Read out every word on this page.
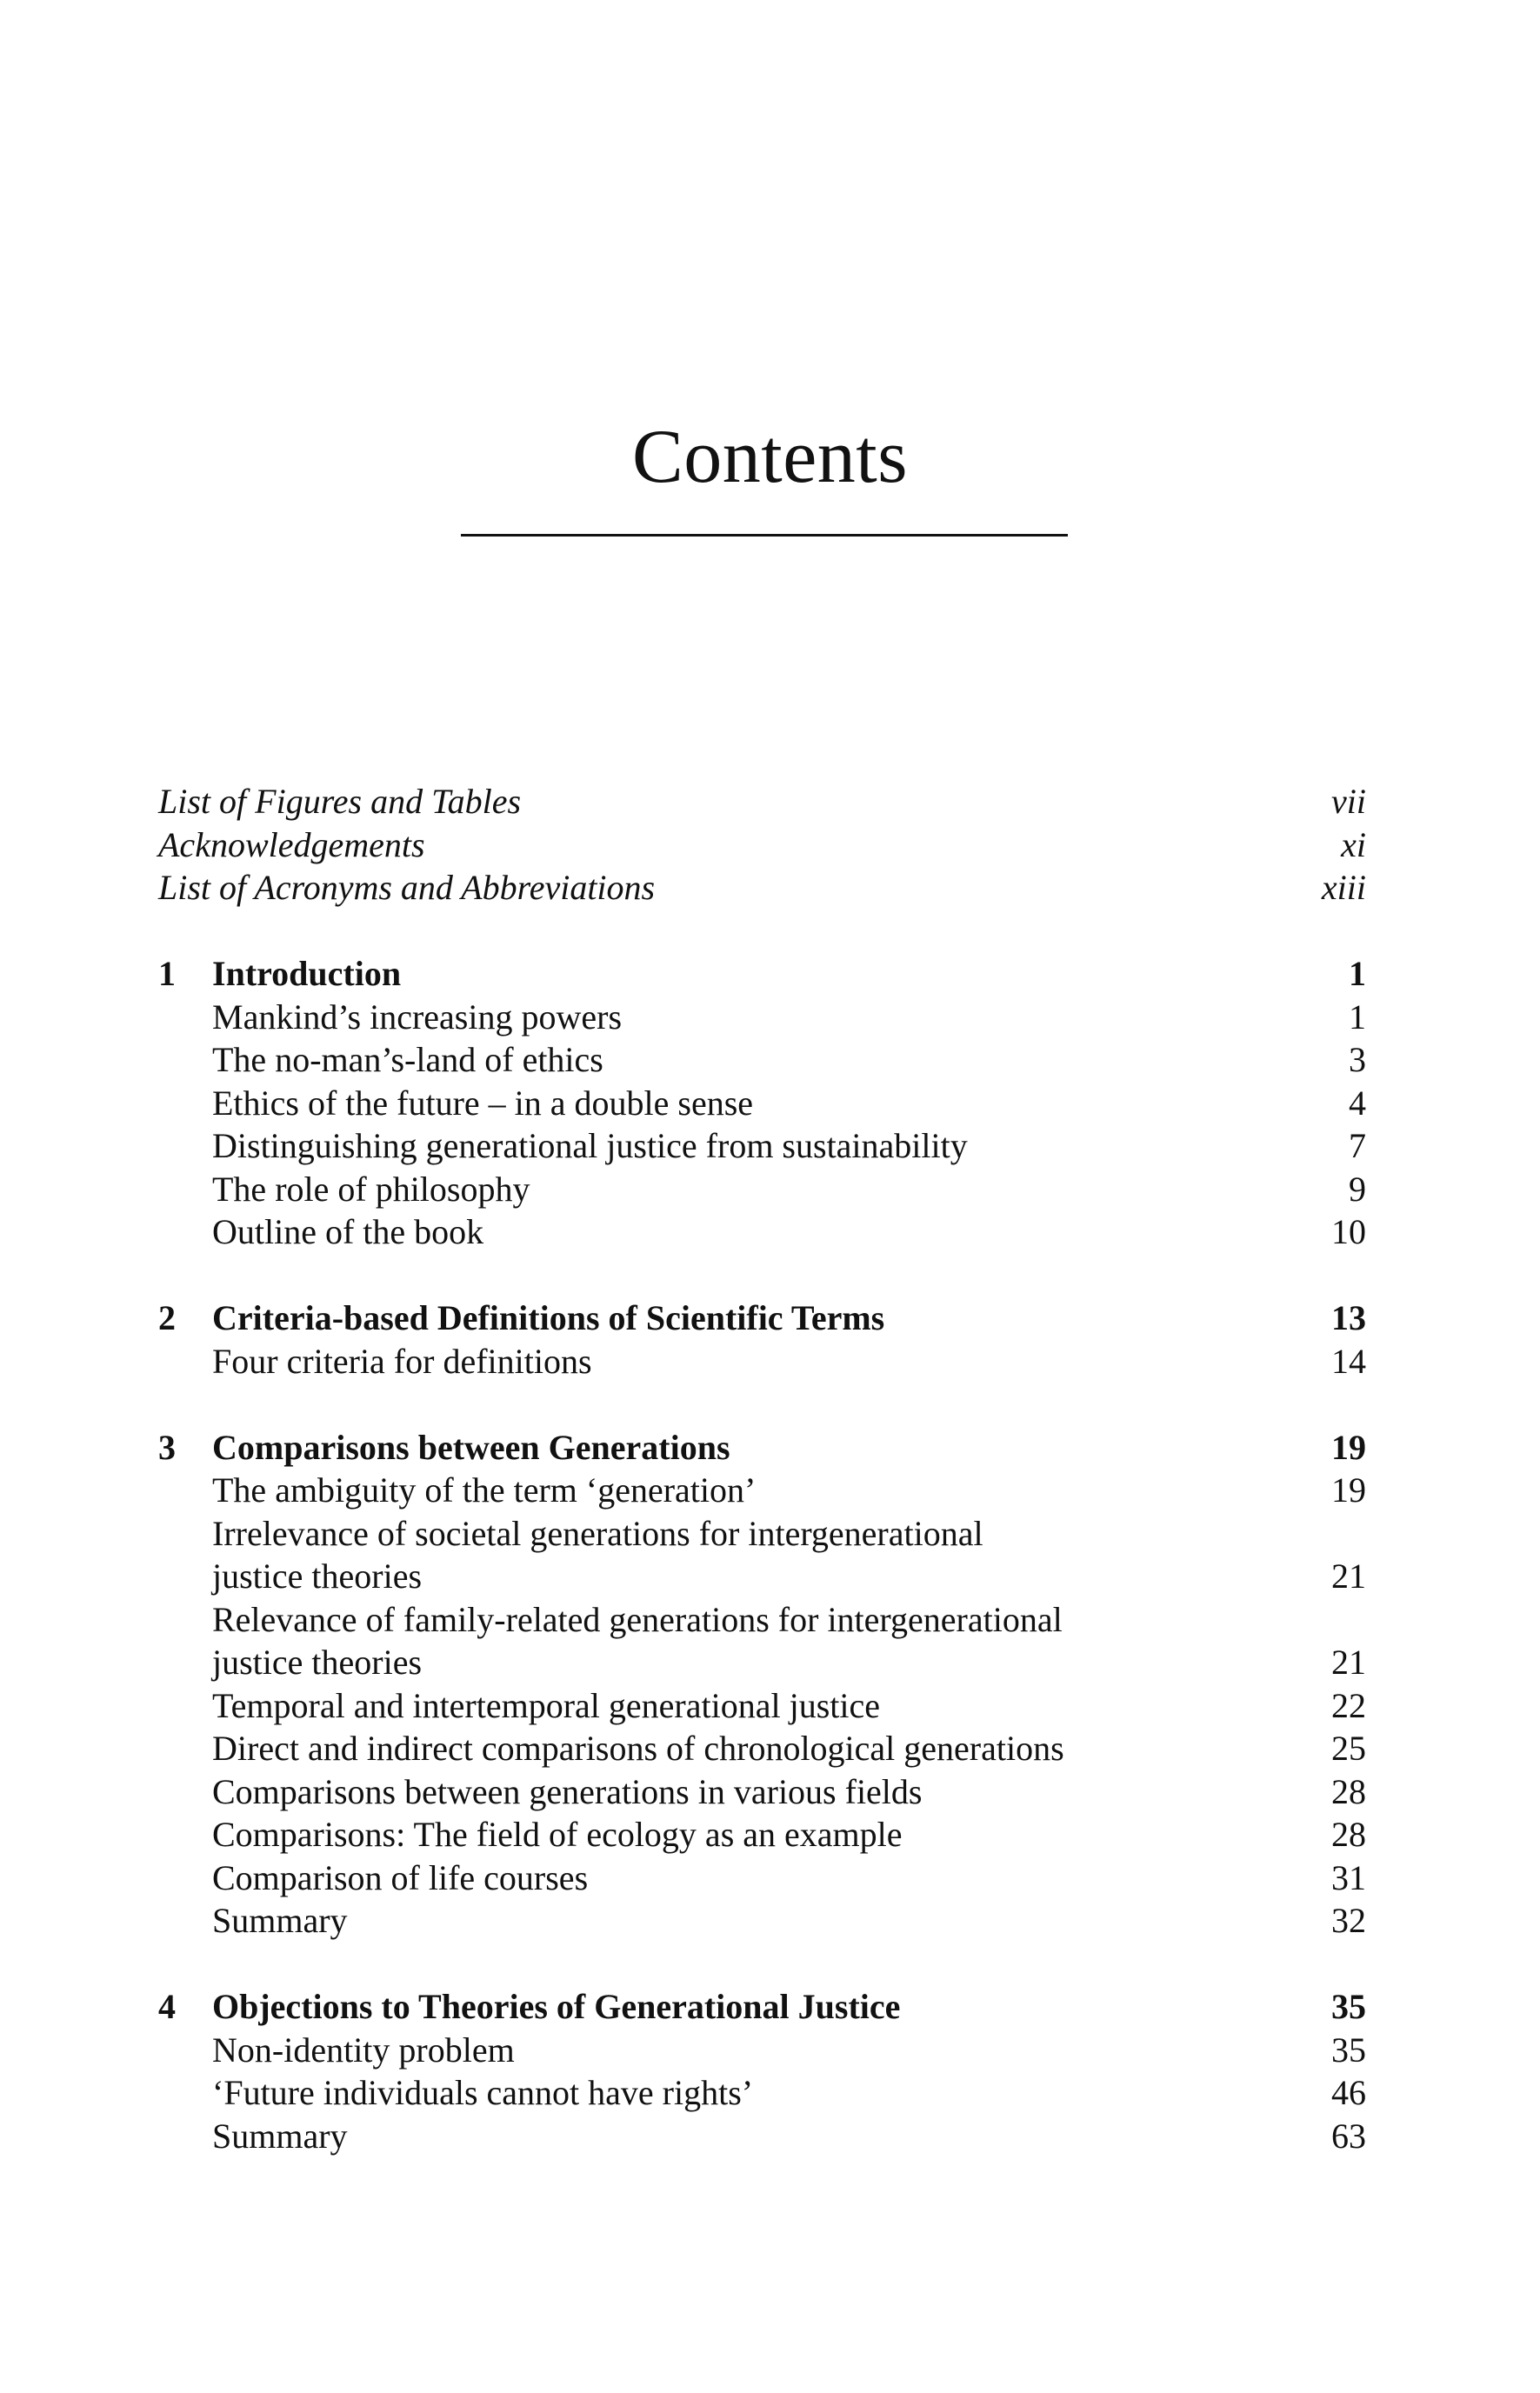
Contents
List of Figures and Tables	vii
Acknowledgements	xi
List of Acronyms and Abbreviations	xiii
1 Introduction	1
Mankind’s increasing powers	1
The no-man’s-land of ethics	3
Ethics of the future – in a double sense	4
Distinguishing generational justice from sustainability	7
The role of philosophy	9
Outline of the book	10
2 Criteria-based Definitions of Scientific Terms	13
Four criteria for definitions	14
3 Comparisons between Generations	19
The ambiguity of the term ‘generation’	19
Irrelevance of societal generations for intergenerational
justice theories	21
Relevance of family-related generations for intergenerational
justice theories	21
Temporal and intertemporal generational justice	22
Direct and indirect comparisons of chronological generations	25
Comparisons between generations in various fields	28
Comparisons: The field of ecology as an example	28
Comparison of life courses	31
Summary	32
4 Objections to Theories of Generational Justice	35
Non-identity problem	35
‘Future individuals cannot have rights’	46
Summary	63
